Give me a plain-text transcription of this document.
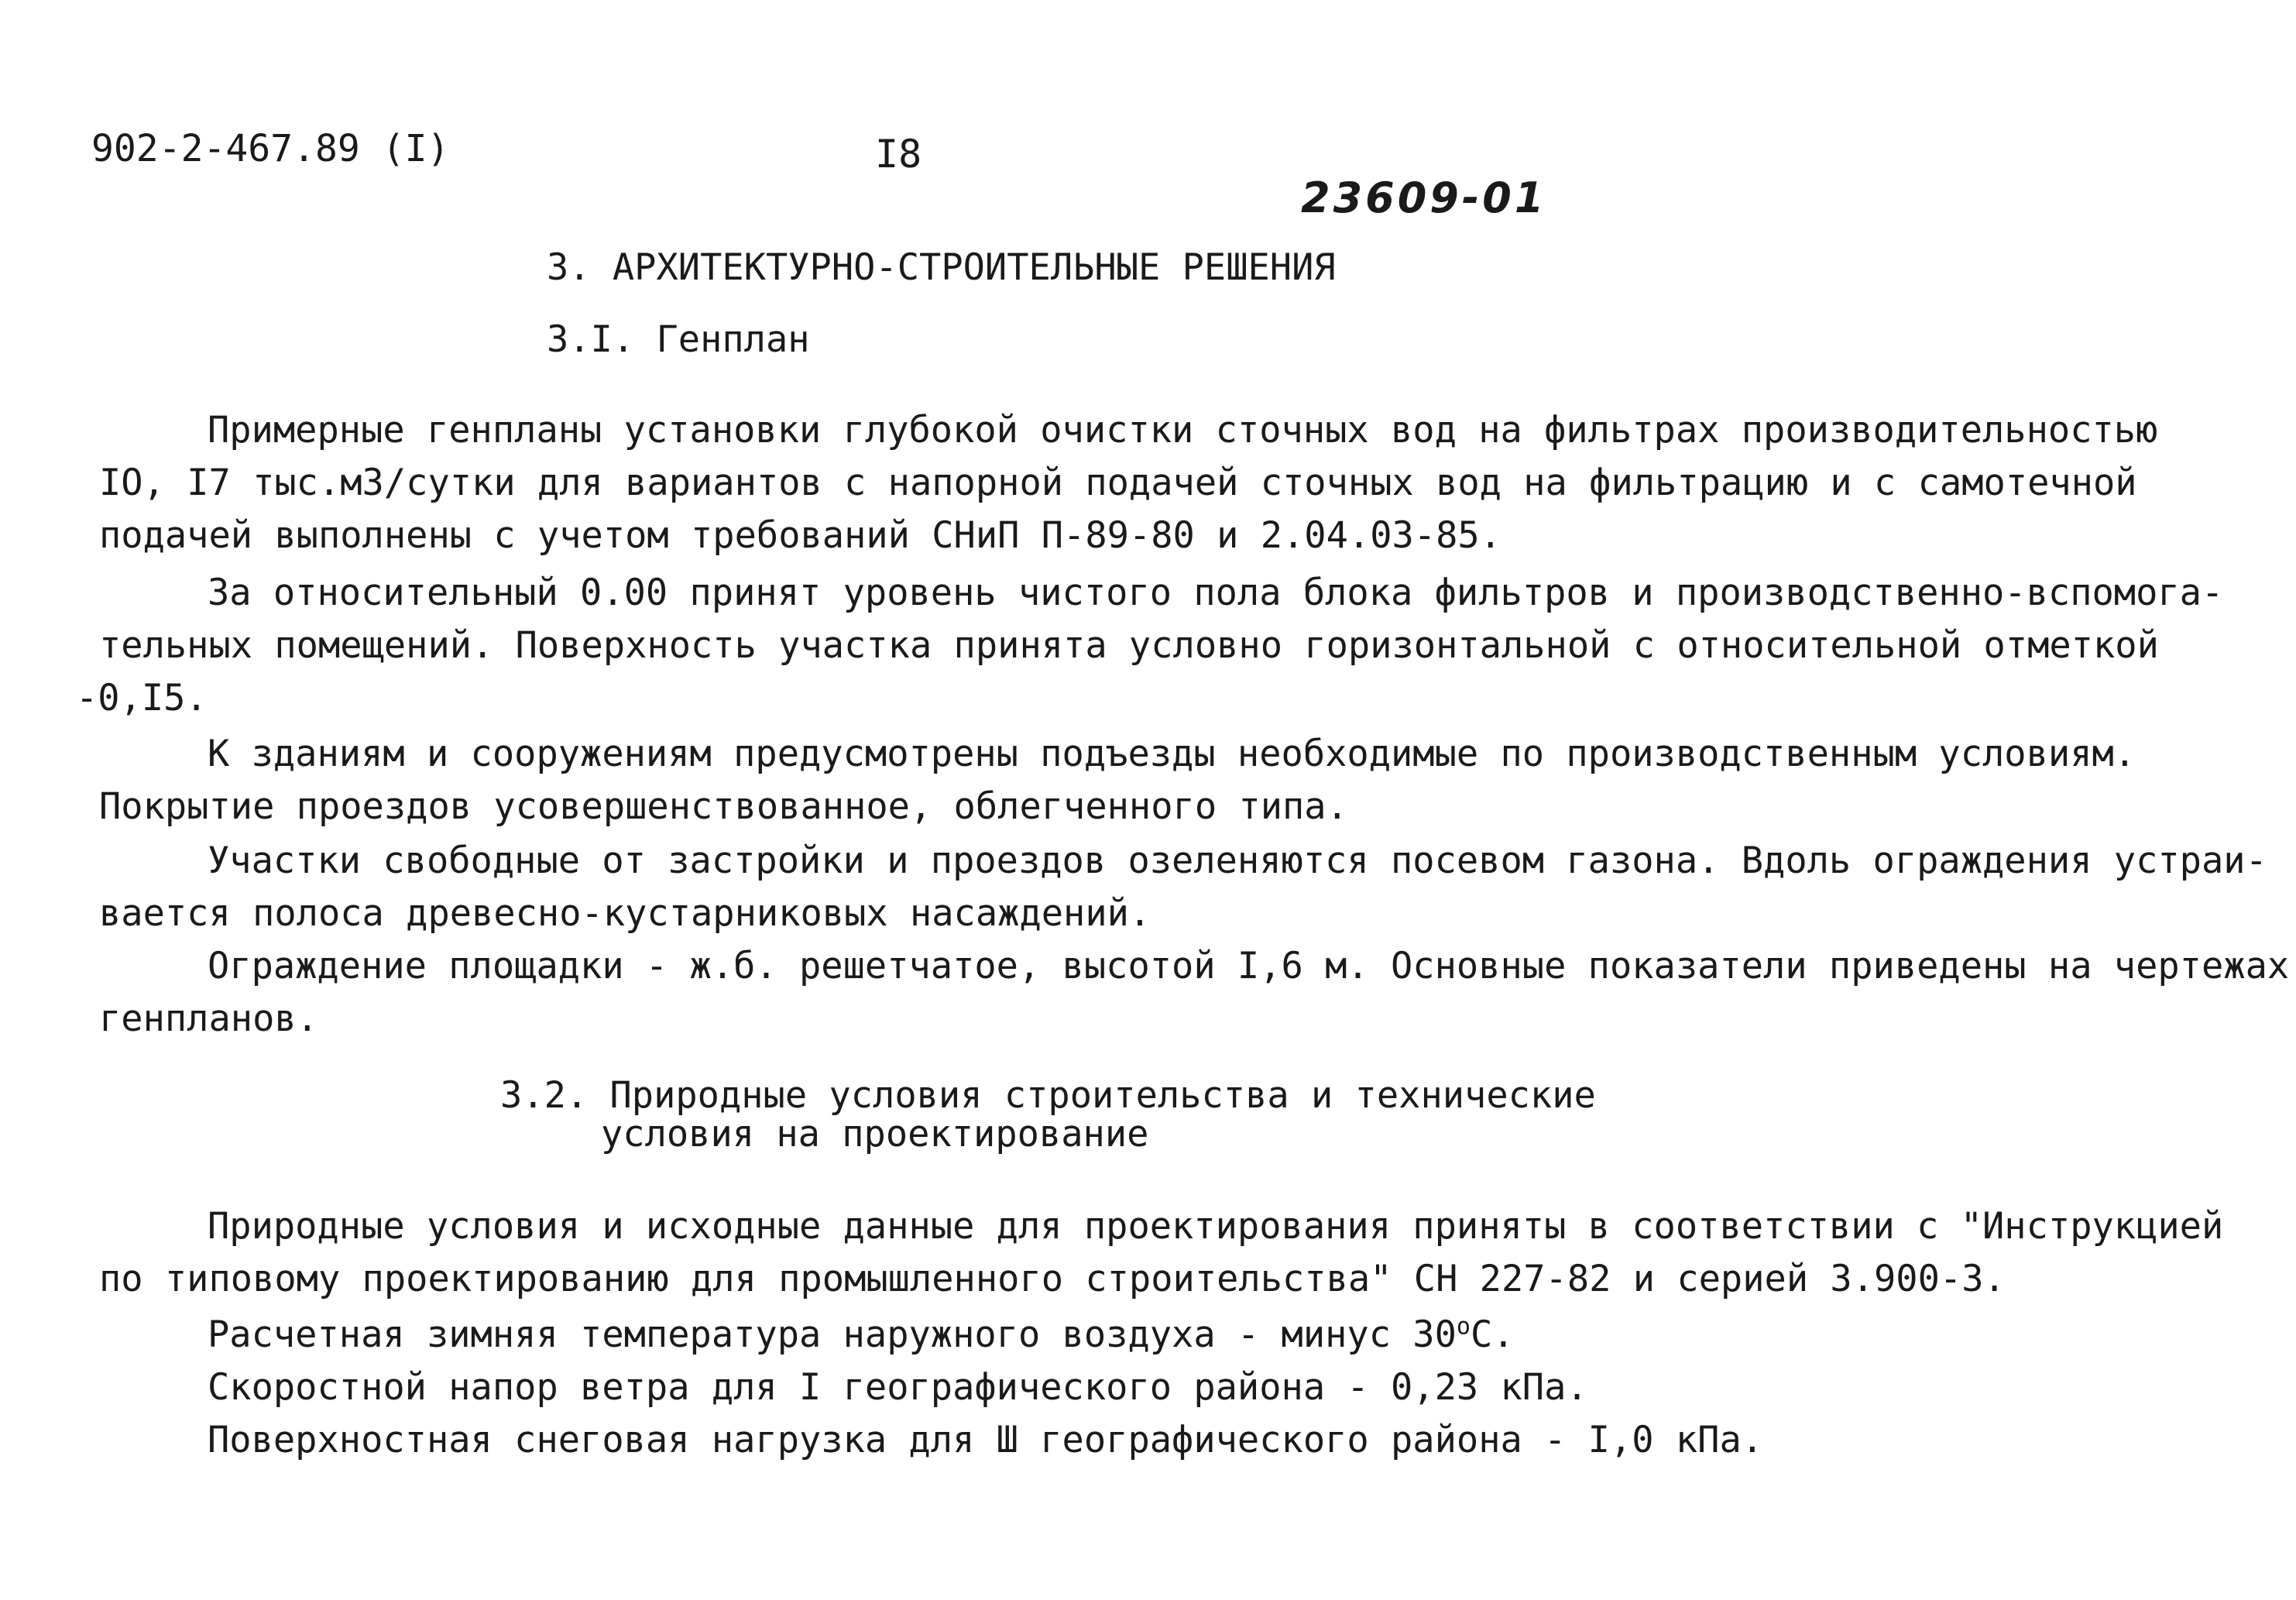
902-2-467.89 (I)	I8
23609-01
3. АРХИТЕКТУРНО-СТРОИТЕЛЬНЫЕ РЕШЕНИЯ
3.I. Генплан
Примерные генпланы установки глубокой очистки сточных вод на фильтрах производительностью
IO, I7 тыс.м3/сутки для вариантов с напорной подачей сточных вод на фильтрацию и с самотечной
подачей выполнены с учетом требований СНиП П-89-80 и 2.04.03-85.
За относительный 0.00 принят уровень чистого пола блока фильтров и производственно-вспомога-
тельных помещений. Поверхность участка принята условно горизонтальной с относительной отметкой
-0,I5.
К зданиям и сооружениям предусмотрены подъезды необходимые по производственным условиям.
Покрытие проездов усовершенствованное, облегченного типа.
Участки свободные от застройки и проездов озеленяются посевом газона. Вдоль ограждения устраи-
вается полоса древесно-кустарниковых насаждений.
Ограждение площадки - ж.б. решетчатое, высотой I,6 м. Основные показатели приведены на чертежах
генпланов.
3.2. Природные условия строительства и технические
условия на проектирование
Природные условия и исходные данные для проектирования приняты в соответствии с "Инструкцией
по типовому проектированию для промышленного строительства" СН 227-82 и серией 3.900-3.
Расчетная зимняя температура наружного воздуха - минус $30^оС$.
Скоростной напор ветра для I географического района - 0,23 кПа.
Поверхностная снеговая нагрузка для Ш географического района - I,0 кПа.
